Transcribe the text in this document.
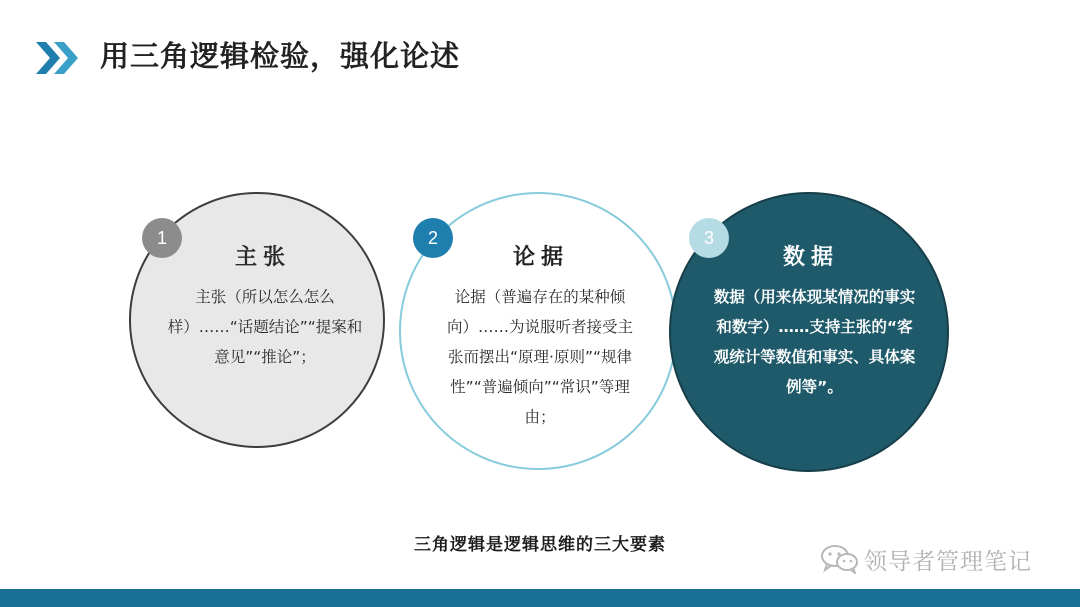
用三角逻辑检验，强化论述
1	2	3
主张	论据	数据

主张（所以怎么怎么样）……“话题结论”“提案和意见”“推论”；

论据（普遍存在的某种倾向）……为说服听者接受主张而摆出“原理·原则”“规律性”“普遍倾向”“常识”等理由；

数据（用来体现某情况的事实和数字）……支持主张的“客观统计等数值和事实、具体案例等”。

三角逻辑是逻辑思维的三大要素

领导者管理笔记
